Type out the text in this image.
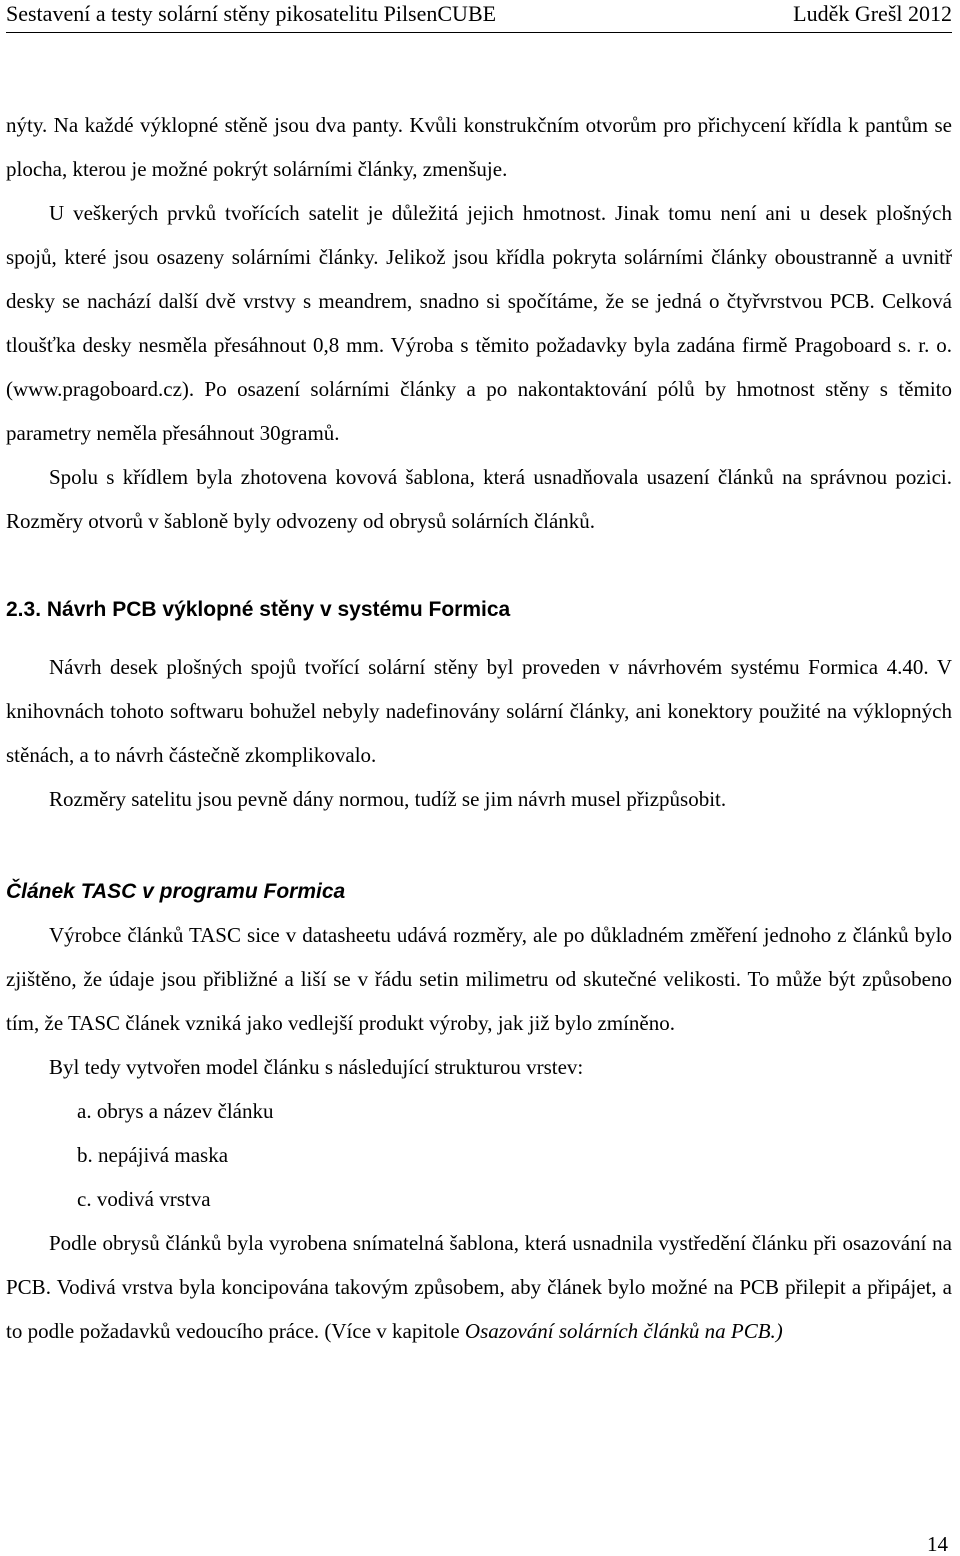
Sestavení a testy solární stěny pikosatelitu PilsenCUBE	Luděk Grešl 2012

nýty. Na každé výklopné stěně jsou dva panty. Kvůli konstrukčním otvorům pro přichycení křídla k pantům se plocha, kterou je možné pokrýt solárními články, zmenšuje.

U veškerých prvků tvořících satelit je důležitá jejich hmotnost. Jinak tomu není ani u desek plošných spojů, které jsou osazeny solárními články. Jelikož jsou křídla pokryta solárními články oboustranně a uvnitř desky se nachází další dvě vrstvy s meandrem, snadno si spočítáme, že se jedná o čtyřvrstvou PCB. Celková tloušťka desky nesměla přesáhnout 0,8 mm. Výroba s těmito požadavky byla zadána firmě Pragoboard s. r. o. (www.pragoboard.cz). Po osazení solárními články a po nakontaktování pólů by hmotnost stěny s těmito parametry neměla přesáhnout 30gramů.

Spolu s křídlem byla zhotovena kovová šablona, která usnadňovala usazení článků na správnou pozici. Rozměry otvorů v šabloně byly odvozeny od obrysů solárních článků.

2.3. Návrh PCB výklopné stěny v systému Formica

Návrh desek plošných spojů tvořící solární stěny byl proveden v návrhovém systému Formica 4.40. V knihovnách tohoto softwaru bohužel nebyly nadefinovány solární články, ani konektory použité na výklopných stěnách, a to návrh částečně zkomplikovalo.

Rozměry satelitu jsou pevně dány normou, tudíž se jim návrh musel přizpůsobit.

Článek TASC v programu Formica

Výrobce článků TASC sice v datasheetu udává rozměry, ale po důkladném změření jednoho z článků bylo zjištěno, že údaje jsou přibližné a liší se v řádu setin milimetru od skutečné velikosti. To může být způsobeno tím, že TASC článek vzniká jako vedlejší produkt výroby, jak již bylo zmíněno.

Byl tedy vytvořen model článku s následující strukturou vrstev:

a. obrys a název článku
b. nepájivá maska
c. vodivá vrstva

Podle obrysů článků byla vyrobena snímatelná šablona, která usnadnila vystředění článku při osazování na PCB. Vodivá vrstva byla koncipována takovým způsobem, aby článek bylo možné na PCB přilepit a připájet, a to podle požadavků vedoucího práce. (Více v kapitole Osazování solárních článků na PCB.)

14
